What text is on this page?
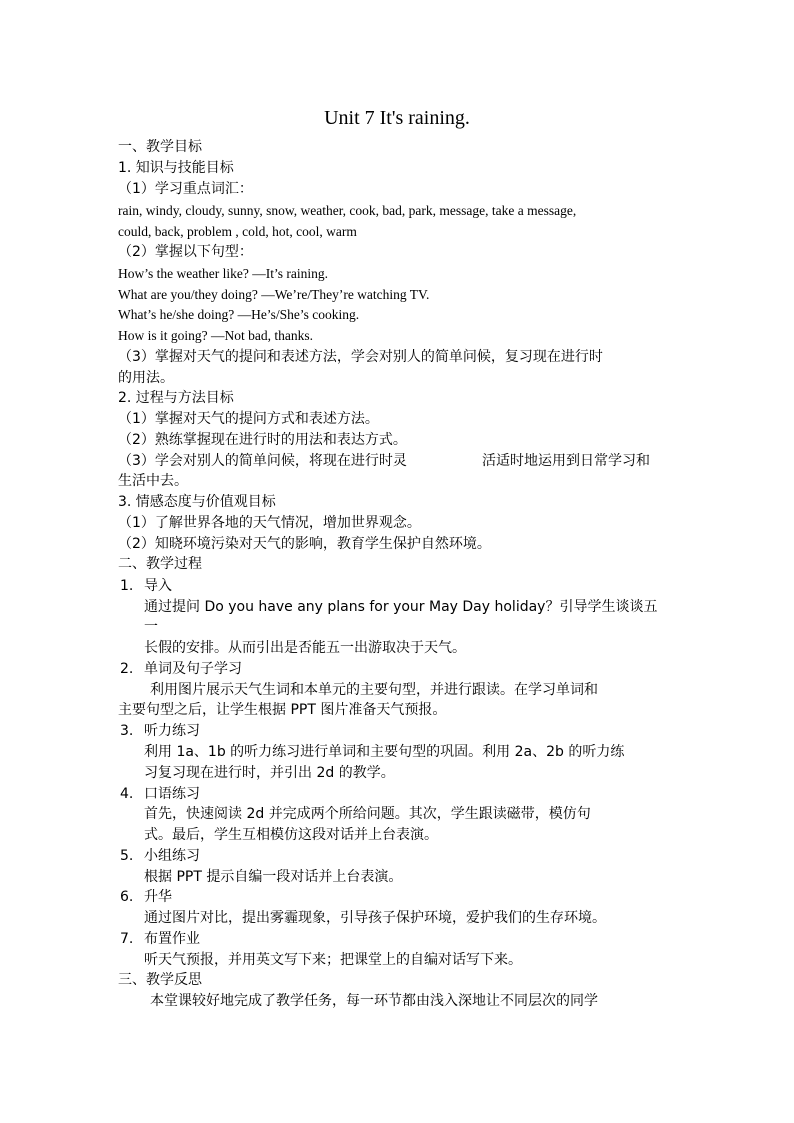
Unit 7 It's raining.
一、教学目标
1. 知识与技能目标
（1）学习重点词汇：
rain, windy, cloudy, sunny, snow, weather, cook, bad, park, message, take a message,
could, back, problem , cold, hot, cool, warm
（2）掌握以下句型：
How’s the weather like? —It’s raining.
What are you/they doing? —We’re/They’re watching TV.
What’s he/she doing? —He’s/She’s cooking.
How is it going? —Not bad, thanks.
（3）掌握对天气的提问和表述方法，学会对别人的简单问候，复习现在进行时
的用法。
2. 过程与方法目标
（1）掌握对天气的提问方式和表述方法。
（2）熟练掌握现在进行时的用法和表达方式。
（3）学会对别人的简单问候，将现在进行时灵	活适时地运用到日常学习和
生活中去。
3. 情感态度与价值观目标
（1）了解世界各地的天气情况，增加世界观念。
（2）知晓环境污染对天气的影响，教育学生保护自然环境。
二、教学过程
1. 导入
通过提问 Do you have any plans for your May Day holiday？引导学生谈谈五
一
长假的安排。从而引出是否能五一出游取决于天气。
2. 单词及句子学习
利用图片展示天气生词和本单元的主要句型，并进行跟读。在学习单词和
主要句型之后，让学生根据 PPT 图片准备天气预报。
3. 听力练习
利用 1a、1b 的听力练习进行单词和主要句型的巩固。利用 2a、2b 的听力练
习复习现在进行时，并引出 2d 的教学。
4. 口语练习
首先，快速阅读 2d 并完成两个所给问题。其次，学生跟读磁带，模仿句
式。最后，学生互相模仿这段对话并上台表演。
5. 小组练习
根据 PPT 提示自编一段对话并上台表演。
6. 升华
通过图片对比，提出雾霾现象，引导孩子保护环境，爱护我们的生存环境。
7. 布置作业
听天气预报，并用英文写下来；把课堂上的自编对话写下来。
三、教学反思
本堂课较好地完成了教学任务，每一环节都由浅入深地让不同层次的同学
